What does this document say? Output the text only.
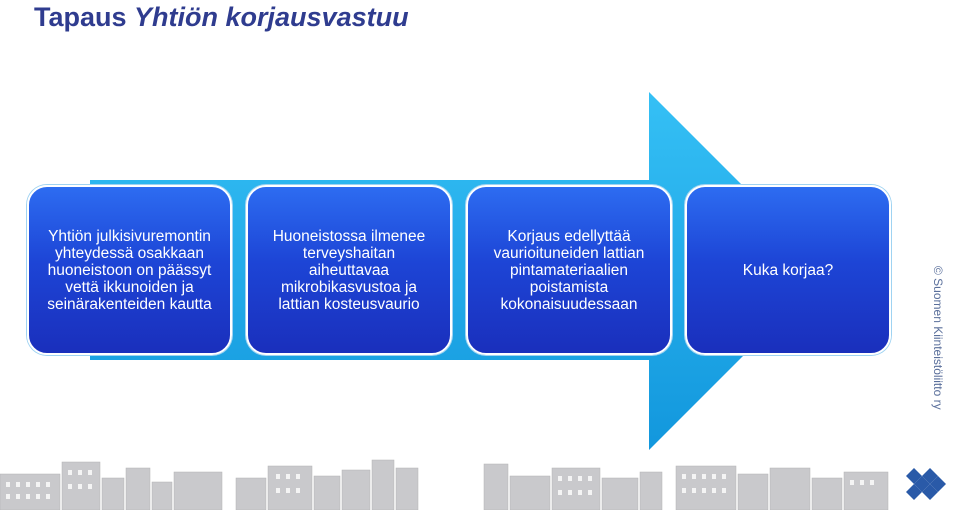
Tapaus Yhtiön korjausvastuu
Yhtiön julkisivuremontin
yhteydessä osakkaan
huoneistoon on päässyt
vettä ikkunoiden ja
seinärakenteiden kautta
Huoneistossa ilmenee
terveyshaitan
aiheuttavaa
mikrobikasvustoa ja
lattian kosteusvaurio
Korjaus edellyttää
vaurioituneiden lattian
pintamateriaalien
poistamista
kokonaisuudessaan
Kuka korjaa?	© Suomen Kiinteistöliitto ry
